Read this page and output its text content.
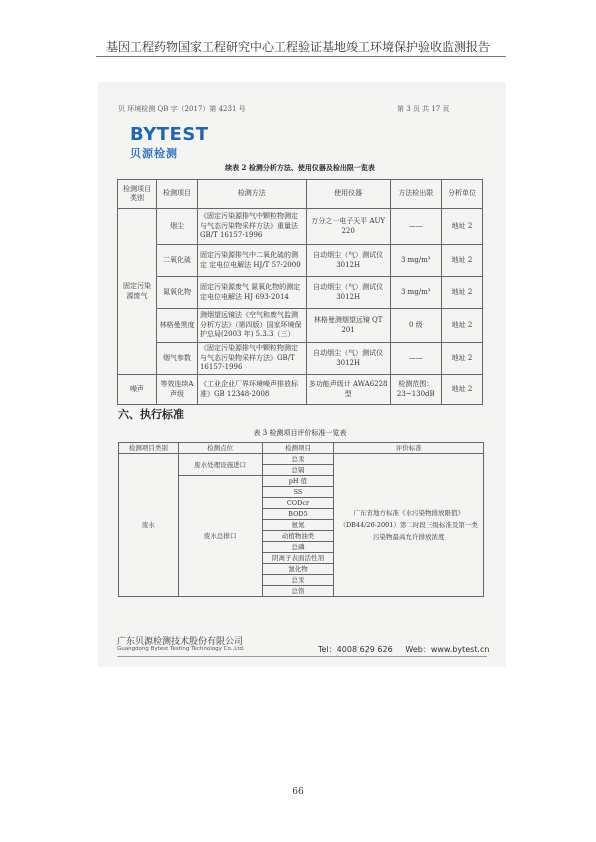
基因工程药物国家工程研究中心工程验证基地竣工环境保护验收监测报告
贝 环境检测 QB 字（2017）第 4231 号	第 3 页 共 17 页
BYTEST
贝源检测
续表 2 检测分析方法、使用仪器及检出限一览表
检测项目类别	检测项目	检测方法	使用仪器	方法检出限	分析单位
固定污染源废气	烟尘	《固定污染源排气中颗粒物测定与气态污染物采样方法》重量法 GB/T 16157-1996	万分之一电子天平 AUY 220	——	地址 2
	二氧化硫	固定污染源排气中二氧化硫的测定 定电位电解法 HJ/T 57-2000	自动烟尘（气）测试仪 3012H	3 mg/m³	地址 2
	氮氧化物	固定污染源废气 氮氧化物的测定 定电位电解法 HJ 693-2014	自动烟尘（气）测试仪 3012H	3 mg/m³	地址 2
	林格曼黑度	测烟望远镜法《空气和废气监测分析方法》（第四版）国家环境保护总局(2003 年) 5.3.3（三）	林格曼测烟望远镜 QT 201	0 级	地址 2
	烟气参数	《固定污染源排气中颗粒物测定与气态污染物采样方法》GB/T 16157-1996	自动烟尘（气）测试仪 3012H	——	地址 2
噪声	等效连续A 声级	《工业企业厂界环境噪声排放标准》GB 12348-2008	多功能声级计 AWA6228 型	检测范围：23~130dB	地址 2
六、执行标准
表 3 检测项目评价标准一览表
检测项目类别	检测点位	检测项目	评价标准
废水	废水处理设施进口	总汞	广东省地方标准《水污染物排放限值》（DB44/26-2001）第二时段三级标准及第一类污染物最高允许排放浓度
		总镉	
	废水总排口	pH 值	
		SS	
		CODcr	
		BOD5	
		氨氮	
		动植物油类	
		总磷	
		阴离子表面活性剂	
		氰化物	
		总汞	
		总铬	
广东贝源检测技术股份有限公司
Guangdong Bytest Testing Technology Co.,Ltd.	Tel：4008 629 626 Web：www.bytest.cn
66
